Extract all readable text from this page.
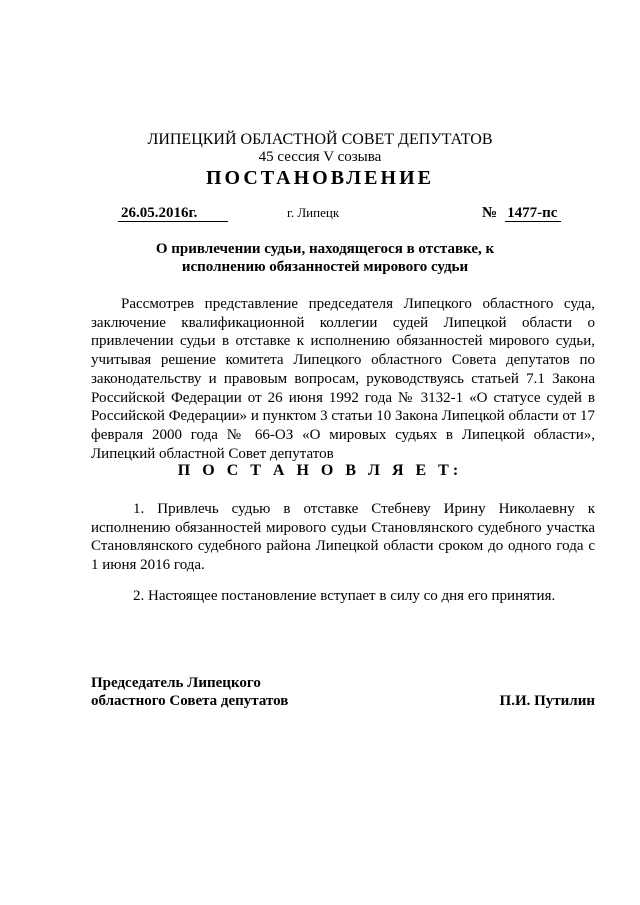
ЛИПЕЦКИЙ ОБЛАСТНОЙ СОВЕТ ДЕПУТАТОВ
45 сессия V созыва
ПОСТАНОВЛЕНИЕ
26.05.2016г.	г. Липецк	№ 1477-пс
О привлечении судьи, находящегося в отставке, к исполнению обязанностей мирового судьи
Рассмотрев представление председателя Липецкого областного суда, заключение квалификационной коллегии судей Липецкой области о привлечении судьи в отставке к исполнению обязанностей мирового судьи, учитывая решение комитета Липецкого областного Совета депутатов по законодательству и правовым вопросам, руководствуясь статьей 7.1 Закона Российской Федерации от 26 июня 1992 года № 3132-1 «О статусе судей в Российской Федерации» и пунктом 3 статьи 10 Закона Липецкой области от 17 февраля 2000 года № 66-ОЗ «О мировых судьях в Липецкой области», Липецкий областной Совет депутатов
П О С Т А Н О В Л Я Е Т:
1. Привлечь судью в отставке Стебневу Ирину Николаевну к исполнению обязанностей мирового судьи Становлянского судебного участка Становлянского судебного района Липецкой области сроком до одного года с 1 июня 2016 года.
2. Настоящее постановление вступает в силу со дня его принятия.
Председатель Липецкого
областного Совета депутатов	П.И. Путилин
